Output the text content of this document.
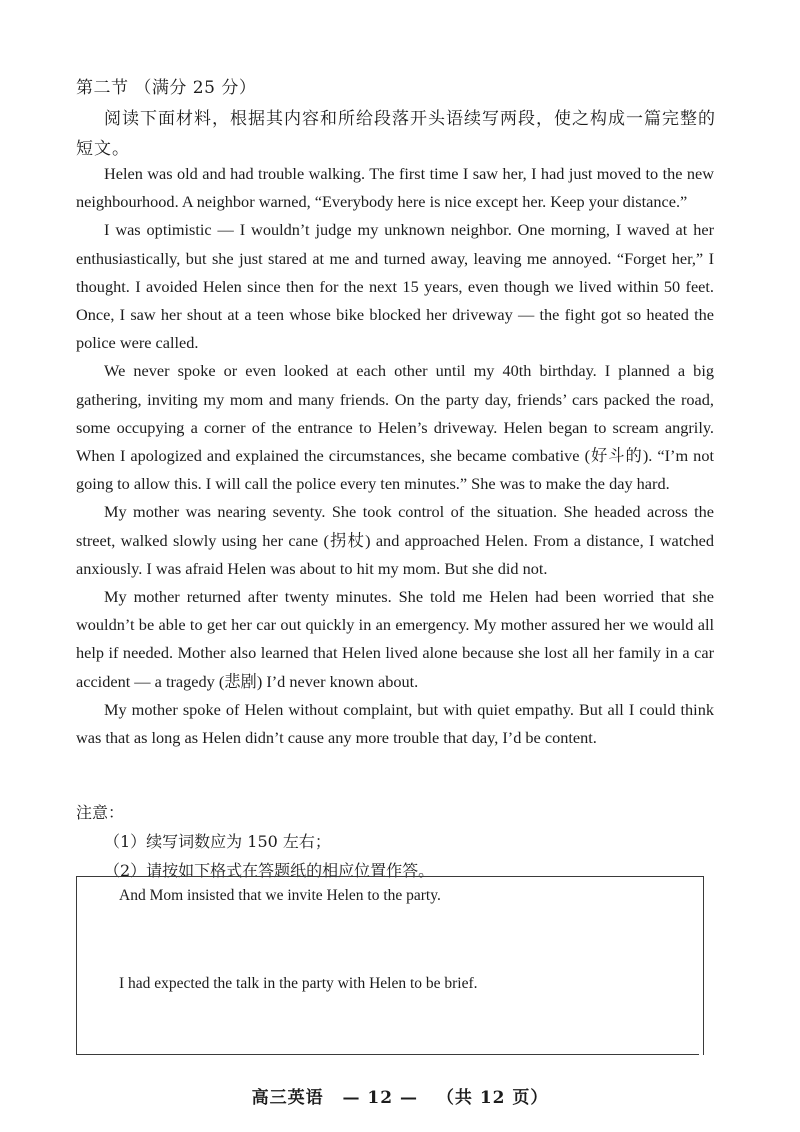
第二节 （满分 25 分）
阅读下面材料，根据其内容和所给段落开头语续写两段，使之构成一篇完整的短文。

Helen was old and had trouble walking. The first time I saw her, I had just moved to the new neighbourhood. A neighbor warned, “Everybody here is nice except her. Keep your distance.”

I was optimistic — I wouldn’t judge my unknown neighbor. One morning, I waved at her enthusiastically, but she just stared at me and turned away, leaving me annoyed. “Forget her,” I thought. I avoided Helen since then for the next 15 years, even though we lived within 50 feet. Once, I saw her shout at a teen whose bike blocked her driveway — the fight got so heated the police were called.

We never spoke or even looked at each other until my 40th birthday. I planned a big gathering, inviting my mom and many friends. On the party day, friends’ cars packed the road, some occupying a corner of the entrance to Helen’s driveway. Helen began to scream angrily. When I apologized and explained the circumstances, she became combative (好斗的). “I’m not going to allow this. I will call the police every ten minutes.” She was to make the day hard.

My mother was nearing seventy. She took control of the situation. She headed across the street, walked slowly using her cane (拐杖) and approached Helen. From a distance, I watched anxiously. I was afraid Helen was about to hit my mom. But she did not.

My mother returned after twenty minutes. She told me Helen had been worried that she wouldn’t be able to get her car out quickly in an emergency. My mother assured her we would all help if needed. Mother also learned that Helen lived alone because she lost all her family in a car accident — a tragedy (悲剧) I’d never known about.

My mother spoke of Helen without complaint, but with quiet empathy. But all I could think was that as long as Helen didn’t cause any more trouble that day, I’d be content.

注意：
（1）续写词数应为 150 左右；
（2）请按如下格式在答题纸的相应位置作答。
And Mom insisted that we invite Helen to the party.
I had expected the talk in the party with Helen to be brief.
高三英语 — 12 — （共 12 页）
